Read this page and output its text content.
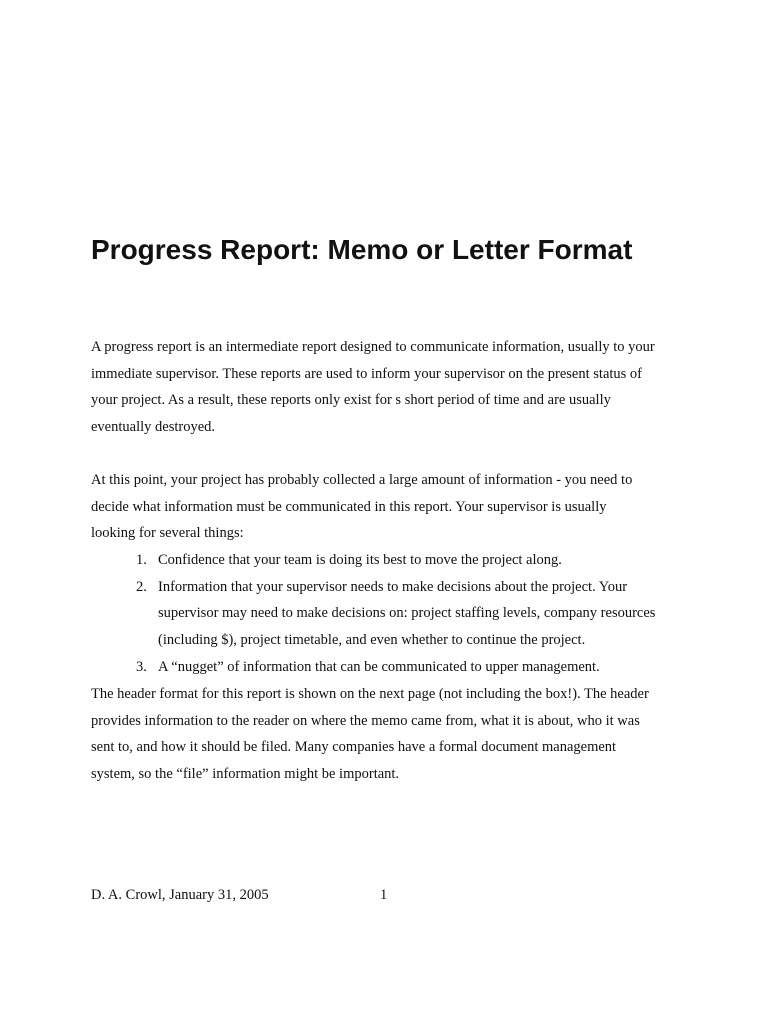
Progress Report: Memo or Letter Format

A progress report is an intermediate report designed to communicate information, usually to your
immediate supervisor. These reports are used to inform your supervisor on the present status of
your project. As a result, these reports only exist for s short period of time and are usually
eventually destroyed.

At this point, your project has probably collected a large amount of information - you need to
decide what information must be communicated in this report. Your supervisor is usually
looking for several things:

1. Confidence that your team is doing its best to move the project along.
2. Information that your supervisor needs to make decisions about the project. Your
supervisor may need to make decisions on: project staffing levels, company resources
(including $), project timetable, and even whether to continue the project.
3. A “nugget” of information that can be communicated to upper management.

The header format for this report is shown on the next page (not including the box!). The header
provides information to the reader on where the memo came from, what it is about, who it was
sent to, and how it should be filed. Many companies have a formal document management
system, so the “file” information might be important.

D. A. Crowl, January 31, 2005	1
